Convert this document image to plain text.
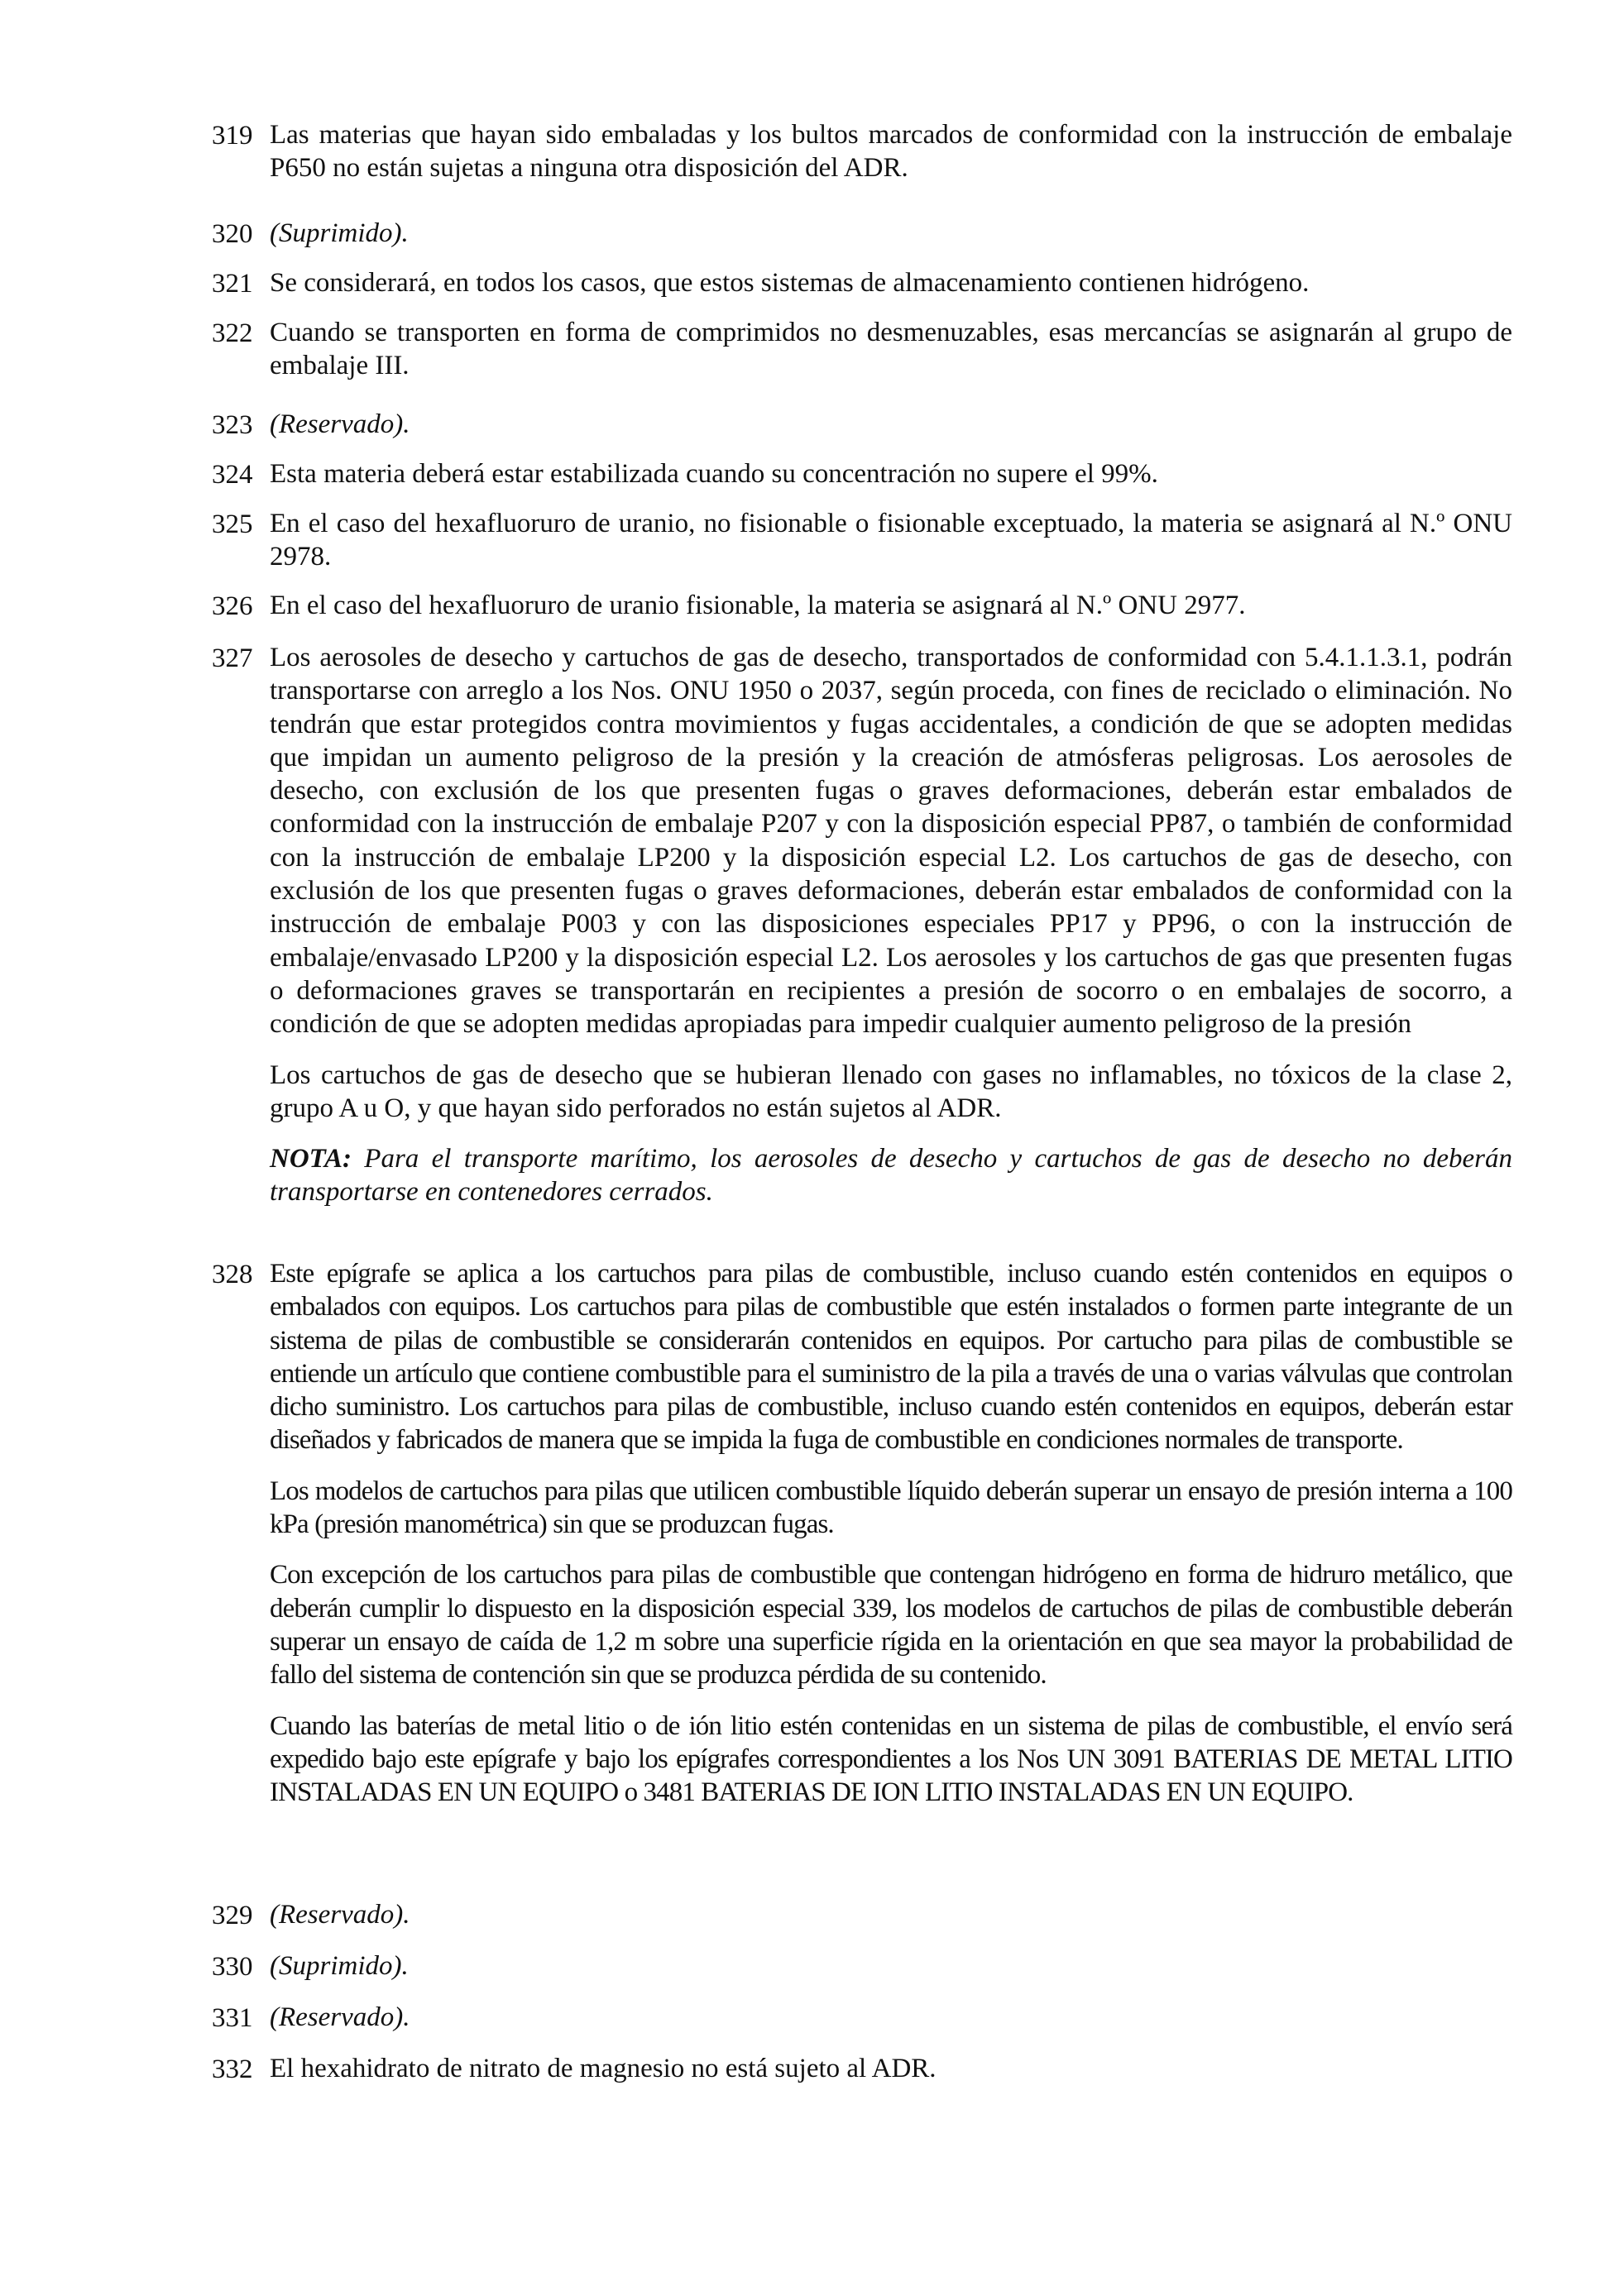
319 Las materias que hayan sido embaladas y los bultos marcados de conformidad con la instrucción de embalaje P650 no están sujetas a ninguna otra disposición del ADR.

320 (Suprimido).

321 Se considerará, en todos los casos, que estos sistemas de almacenamiento contienen hidrógeno.

322 Cuando se transporten en forma de comprimidos no desmenuzables, esas mercancías se asignarán al grupo de embalaje III.

323 (Reservado).

324 Esta materia deberá estar estabilizada cuando su concentración no supere el 99%.

325 En el caso del hexafluoruro de uranio, no fisionable o fisionable exceptuado, la materia se asignará al N.º ONU 2978.

326 En el caso del hexafluoruro de uranio fisionable, la materia se asignará al N.º ONU 2977.

327 Los aerosoles de desecho y cartuchos de gas de desecho, transportados de conformidad con 5.4.1.1.3.1, podrán transportarse con arreglo a los Nos. ONU 1950 o 2037, según proceda, con fines de reciclado o eliminación. No tendrán que estar protegidos contra movimientos y fugas accidentales, a condición de que se adopten medidas que impidan un aumento peligroso de la presión y la creación de atmósferas peligrosas. Los aerosoles de desecho, con exclusión de los que presenten fugas o graves deformaciones, deberán estar embalados de conformidad con la instrucción de embalaje P207 y con la disposición especial PP87, o también de conformidad con la instrucción de embalaje LP200 y la disposición especial L2. Los cartuchos de gas de desecho, con exclusión de los que presenten fugas o graves deformaciones, deberán estar embalados de conformidad con la instrucción de embalaje P003 y con las disposiciones especiales PP17 y PP96, o con la instrucción de embalaje/envasado LP200 y la disposición especial L2. Los aerosoles y los cartuchos de gas que presenten fugas o deformaciones graves se transportarán en recipientes a presión de socorro o en embalajes de socorro, a condición de que se adopten medidas apropiadas para impedir cualquier aumento peligroso de la presión

Los cartuchos de gas de desecho que se hubieran llenado con gases no inflamables, no tóxicos de la clase 2, grupo A u O, y que hayan sido perforados no están sujetos al ADR.

NOTA: Para el transporte marítimo, los aerosoles de desecho y cartuchos de gas de desecho no deberán transportarse en contenedores cerrados.

328 Este epígrafe se aplica a los cartuchos para pilas de combustible, incluso cuando estén contenidos en equipos o embalados con equipos. Los cartuchos para pilas de combustible que estén instalados o formen parte integrante de un sistema de pilas de combustible se considerarán contenidos en equipos. Por cartucho para pilas de combustible se entiende un artículo que contiene combustible para el suministro de la pila a través de una o varias válvulas que controlan dicho suministro. Los cartuchos para pilas de combustible, incluso cuando estén contenidos en equipos, deberán estar diseñados y fabricados de manera que se impida la fuga de combustible en condiciones normales de transporte.

Los modelos de cartuchos para pilas que utilicen combustible líquido deberán superar un ensayo de presión interna a 100 kPa (presión manométrica) sin que se produzcan fugas.

Con excepción de los cartuchos para pilas de combustible que contengan hidrógeno en forma de hidruro metálico, que deberán cumplir lo dispuesto en la disposición especial 339, los modelos de cartuchos de pilas de combustible deberán superar un ensayo de caída de 1,2 m sobre una superficie rígida en la orientación en que sea mayor la probabilidad de fallo del sistema de contención sin que se produzca pérdida de su contenido.

Cuando las baterías de metal litio o de ión litio estén contenidas en un sistema de pilas de combustible, el envío será expedido bajo este epígrafe y bajo los epígrafes correspondientes a los Nos UN 3091 BATERIAS DE METAL LITIO INSTALADAS EN UN EQUIPO o 3481 BATERIAS DE ION LITIO INSTALADAS EN UN EQUIPO.

329 (Reservado).

330 (Suprimido).

331 (Reservado).

332 El hexahidrato de nitrato de magnesio no está sujeto al ADR.
